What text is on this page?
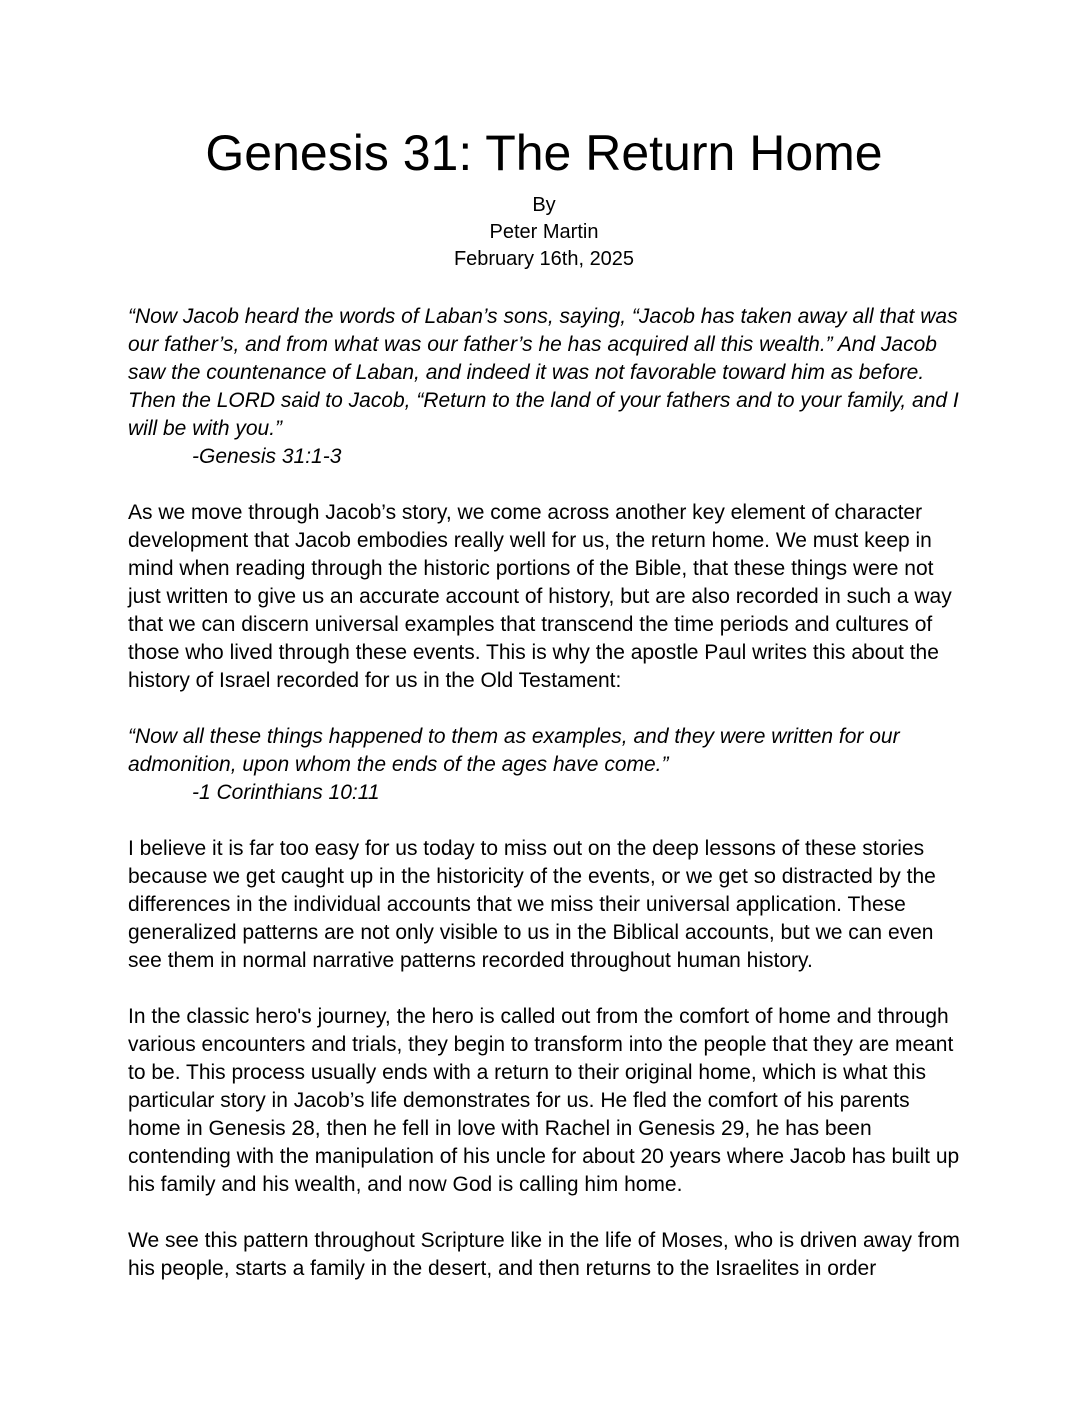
Genesis 31: The Return Home
By
Peter Martin
February 16th, 2025
“Now Jacob heard the words of Laban’s sons, saying, “Jacob has taken away all that was our father’s, and from what was our father’s he has acquired all this wealth.” And Jacob saw the countenance of Laban, and indeed it was not favorable toward him as before. Then the LORD said to Jacob, “Return to the land of your fathers and to your family, and I will be with you.”
-Genesis 31:1-3

As we move through Jacob’s story, we come across another key element of character development that Jacob embodies really well for us, the return home. We must keep in mind when reading through the historic portions of the Bible, that these things were not just written to give us an accurate account of history, but are also recorded in such a way that we can discern universal examples that transcend the time periods and cultures of those who lived through these events. This is why the apostle Paul writes this about the history of Israel recorded for us in the Old Testament:

“Now all these things happened to them as examples, and they were written for our admonition, upon whom the ends of the ages have come.”
-1 Corinthians 10:11

I believe it is far too easy for us today to miss out on the deep lessons of these stories because we get caught up in the historicity of the events, or we get so distracted by the differences in the individual accounts that we miss their universal application. These generalized patterns are not only visible to us in the Biblical accounts, but we can even see them in normal narrative patterns recorded throughout human history.

In the classic hero's journey, the hero is called out from the comfort of home and through various encounters and trials, they begin to transform into the people that they are meant to be. This process usually ends with a return to their original home, which is what this particular story in Jacob’s life demonstrates for us. He fled the comfort of his parents home in Genesis 28, then he fell in love with Rachel in Genesis 29, he has been contending with the manipulation of his uncle for about 20 years where Jacob has built up his family and his wealth, and now God is calling him home.

We see this pattern throughout Scripture like in the life of Moses, who is driven away from his people, starts a family in the desert, and then returns to the Israelites in order
